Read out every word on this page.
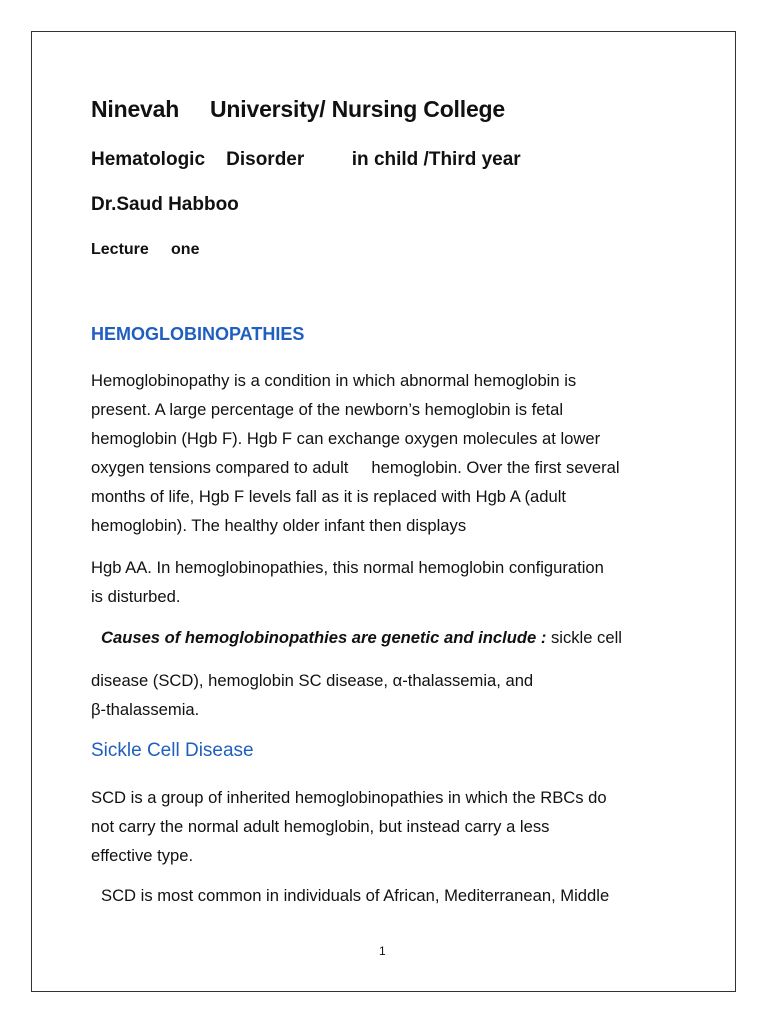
Ninevah     University/ Nursing College
Hematologic    Disorder         in child /Third year
Dr.Saud Habboo
Lecture     one
HEMOGLOBINOPATHIES
Hemoglobinopathy is a condition in which abnormal hemoglobin is
present. A large percentage of the newborn’s hemoglobin is fetal
hemoglobin (Hgb F). Hgb F can exchange oxygen molecules at lower
oxygen tensions compared to adult     hemoglobin. Over the first several
months of life, Hgb F levels fall as it is replaced with Hgb A (adult
hemoglobin). The healthy older infant then displays
Hgb AA. In hemoglobinopathies, this normal hemoglobin configuration
is disturbed.
Causes of hemoglobinopathies are genetic and include : sickle cell
disease (SCD), hemoglobin SC disease, α-thalassemia, and
β-thalassemia.
Sickle Cell Disease
SCD is a group of inherited hemoglobinopathies in which the RBCs do
not carry the normal adult hemoglobin, but instead carry a less
effective type.
SCD is most common in individuals of African, Mediterranean, Middle
1
